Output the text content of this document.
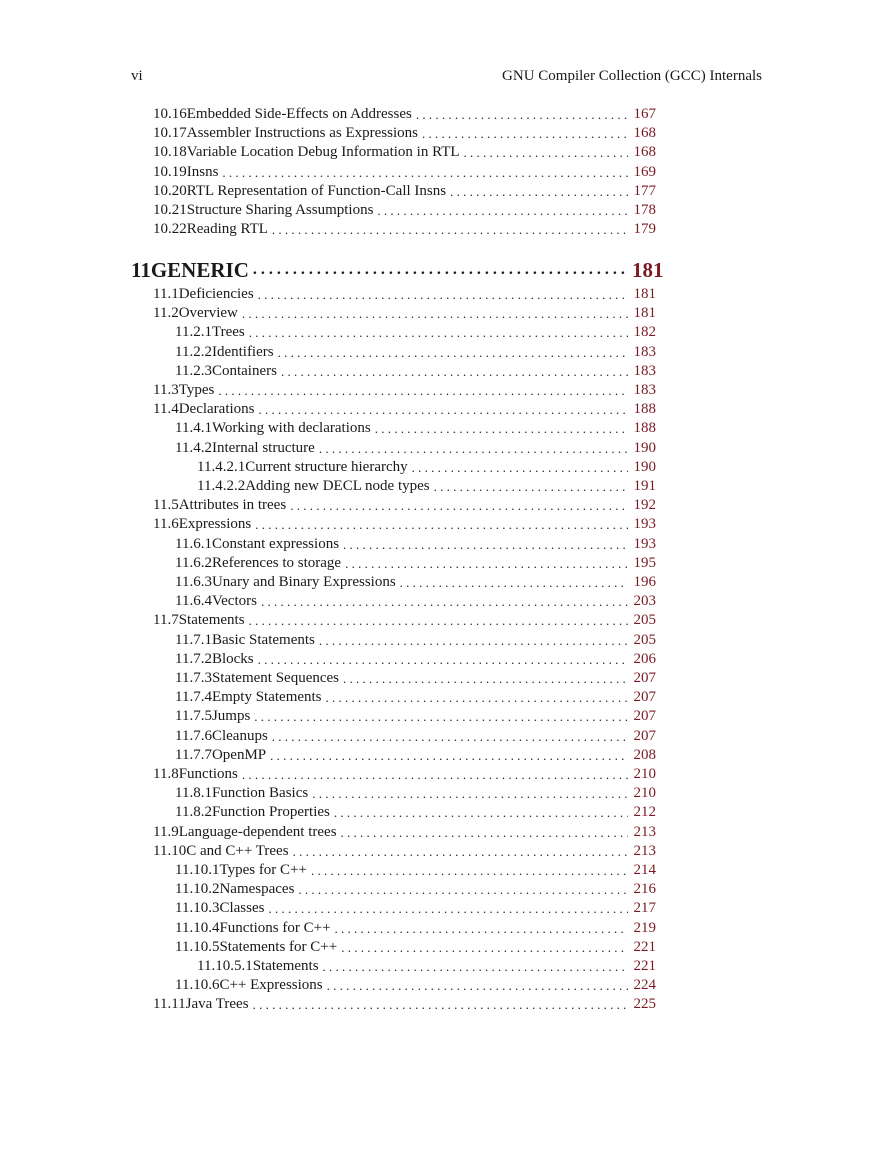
vi	GNU Compiler Collection (GCC) Internals
10.16 Embedded Side-Effects on Addresses . . .	167
10.17 Assembler Instructions as Expressions . . .	168
10.18 Variable Location Debug Information in RTL . . .	168
10.19 Insns . . .	169
10.20 RTL Representation of Function-Call Insns . . .	177
10.21 Structure Sharing Assumptions . . .	178
10.22 Reading RTL . . .	179
11 GENERIC . . .	181
11.1 Deficiencies . . .	181
11.2 Overview . . .	181
11.2.1 Trees . . .	182
11.2.2 Identifiers . . .	183
11.2.3 Containers . . .	183
11.3 Types . . .	183
11.4 Declarations . . .	188
11.4.1 Working with declarations . . .	188
11.4.2 Internal structure . . .	190
11.4.2.1 Current structure hierarchy . . .	190
11.4.2.2 Adding new DECL node types . . .	191
11.5 Attributes in trees . . .	192
11.6 Expressions . . .	193
11.6.1 Constant expressions . . .	193
11.6.2 References to storage . . .	195
11.6.3 Unary and Binary Expressions . . .	196
11.6.4 Vectors . . .	203
11.7 Statements . . .	205
11.7.1 Basic Statements . . .	205
11.7.2 Blocks . . .	206
11.7.3 Statement Sequences . . .	207
11.7.4 Empty Statements . . .	207
11.7.5 Jumps . . .	207
11.7.6 Cleanups . . .	207
11.7.7 OpenMP . . .	208
11.8 Functions . . .	210
11.8.1 Function Basics . . .	210
11.8.2 Function Properties . . .	212
11.9 Language-dependent trees . . .	213
11.10 C and C++ Trees . . .	213
11.10.1 Types for C++ . . .	214
11.10.2 Namespaces . . .	216
11.10.3 Classes . . .	217
11.10.4 Functions for C++ . . .	219
11.10.5 Statements for C++ . . .	221
11.10.5.1 Statements . . .	221
11.10.6 C++ Expressions . . .	224
11.11 Java Trees . . .	225
